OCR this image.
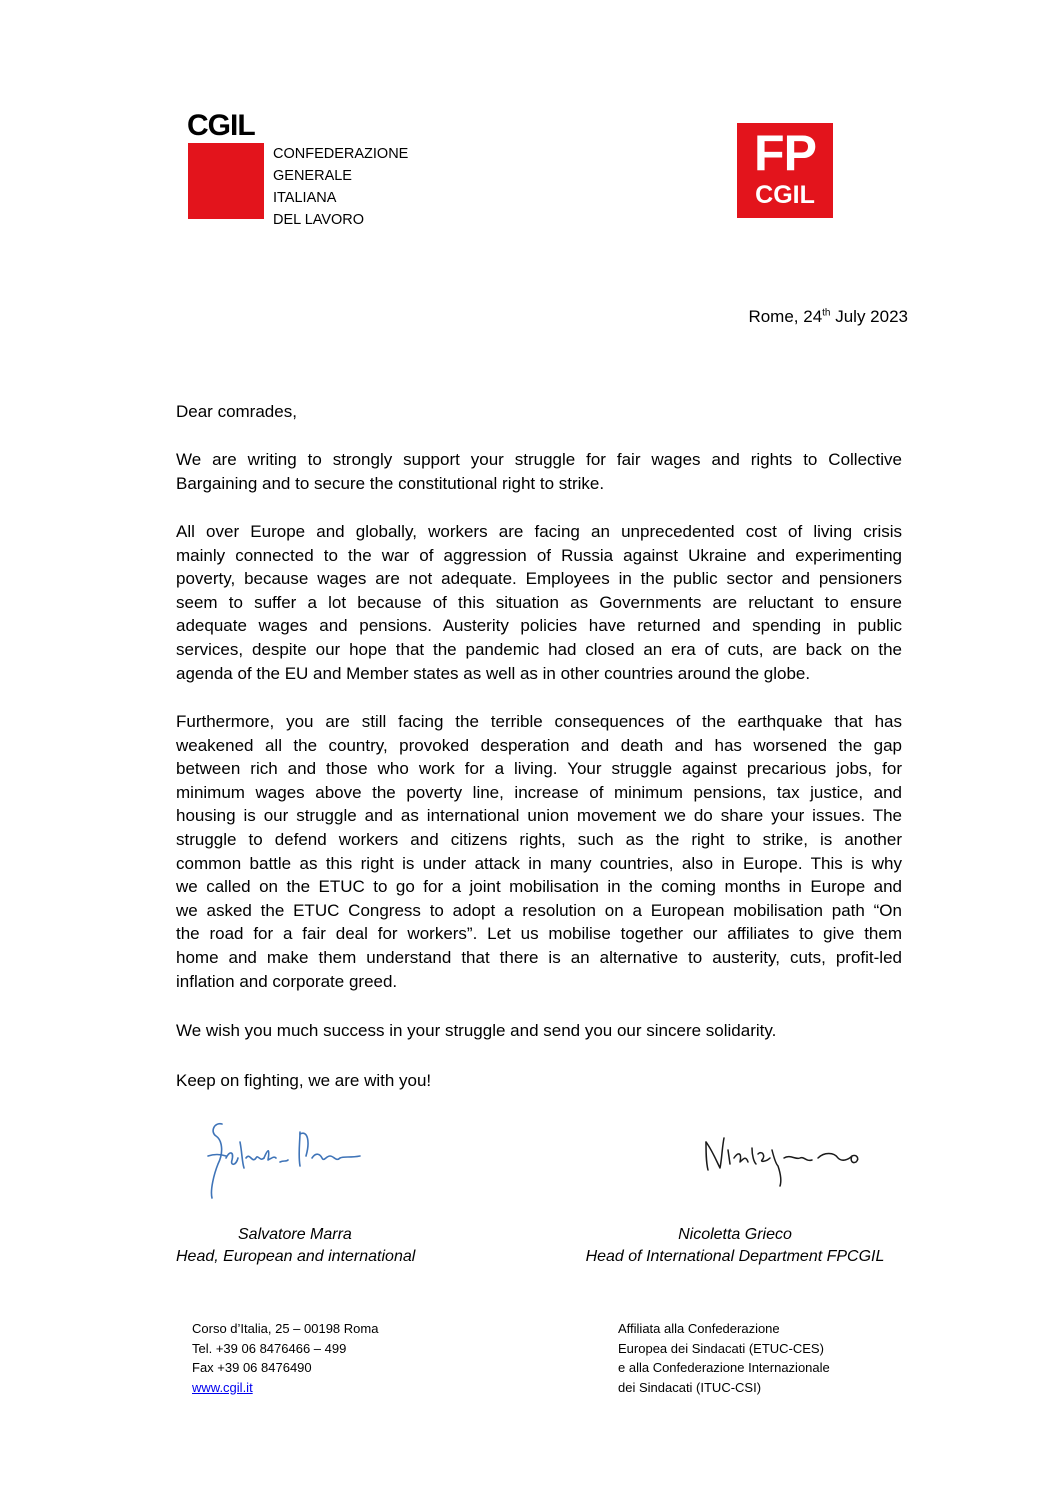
CGIL
CONFEDERAZIONE
GENERALE
ITALIANA
DEL LAVORO
FP
CGIL
Rome, 24th July 2023
Dear comrades,
We are writing to strongly support your struggle for fair wages and rights to Collective
Bargaining and to secure the constitutional right to strike.
All over Europe and globally, workers are facing an unprecedented cost of living crisis
mainly connected to the war of aggression of Russia against Ukraine and experimenting
poverty, because wages are not adequate. Employees in the public sector and pensioners
seem to suffer a lot because of this situation as Governments are reluctant to ensure
adequate wages and pensions. Austerity policies have returned and spending in public
services, despite our hope that the pandemic had closed an era of cuts, are back on the
agenda of the EU and Member states as well as in other countries around the globe.
Furthermore, you are still facing the terrible consequences of the earthquake that has
weakened all the country, provoked desperation and death and has worsened the gap
between rich and those who work for a living. Your struggle against precarious jobs, for
minimum wages above the poverty line, increase of minimum pensions, tax justice, and
housing is our struggle and as international union movement we do share your issues. The
struggle to defend workers and citizens rights, such as the right to strike, is another
common battle as this right is under attack in many countries, also in Europe. This is why
we called on the ETUC to go for a joint mobilisation in the coming months in Europe and
we asked the ETUC Congress to adopt a resolution on a European mobilisation path “On
the road for a fair deal for workers”. Let us mobilise together our affiliates to give them
home and make them understand that there is an alternative to austerity, cuts, profit-led
inflation and corporate greed.
We wish you much success in your struggle and send you our sincere solidarity.
Keep on fighting, we are with you!
Salvatore Marra
Head, European and international
Nicoletta Grieco
Head of International Department FPCGIL
Corso d’Italia, 25 – 00198 Roma
Tel. +39 06 8476466 – 499
Fax +39 06 8476490
www.cgil.it
Affiliata alla Confederazione
Europea dei Sindacati (ETUC-CES)
e alla Confederazione Internazionale
dei Sindacati (ITUC-CSI)
